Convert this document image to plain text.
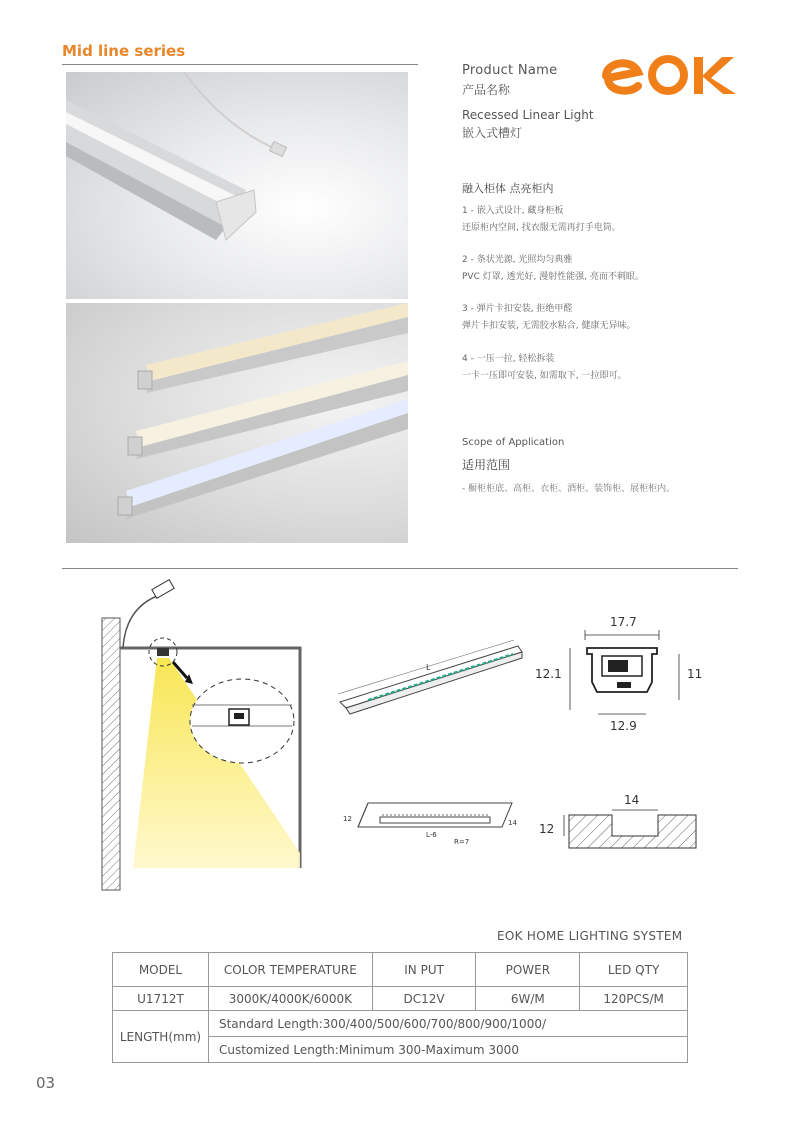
Mid line series
Product Name
产品名称
Recessed Linear Light
嵌入式槽灯
融入柜体 点亮柜内
1 - 嵌入式设计, 藏身柜板
还原柜内空间, 找衣服无需再打手电筒。
2 - 条状光源, 光照均匀典雅
PVC 灯罩, 透光好, 漫射性能强, 亮而不刺眼。
3 - 弹片卡扣安装, 拒绝甲醛
弹片卡扣安装, 无需胶水粘合, 健康无异味。
4 - 一压一拉, 轻松拆装
一卡一压即可安装, 如需取下, 一拉即可。
Scope of Application
适用范围
- 橱柜柜底、高柜、衣柜、酒柜、装饰柜、展柜柜内。
L
17.7
12.1	11
12.9
12	14
L-6
R=7
14
12
EOK HOME LIGHTING SYSTEM
MODEL	COLOR TEMPERATURE	IN PUT	POWER	LED QTY
U1712T	3000K/4000K/6000K	DC12V	6W/M	120PCS/M
LENGTH(mm)	Standard Length:300/400/500/600/700/800/900/1000/			
	Customized Length:Minimum 300-Maximum 3000			
03
